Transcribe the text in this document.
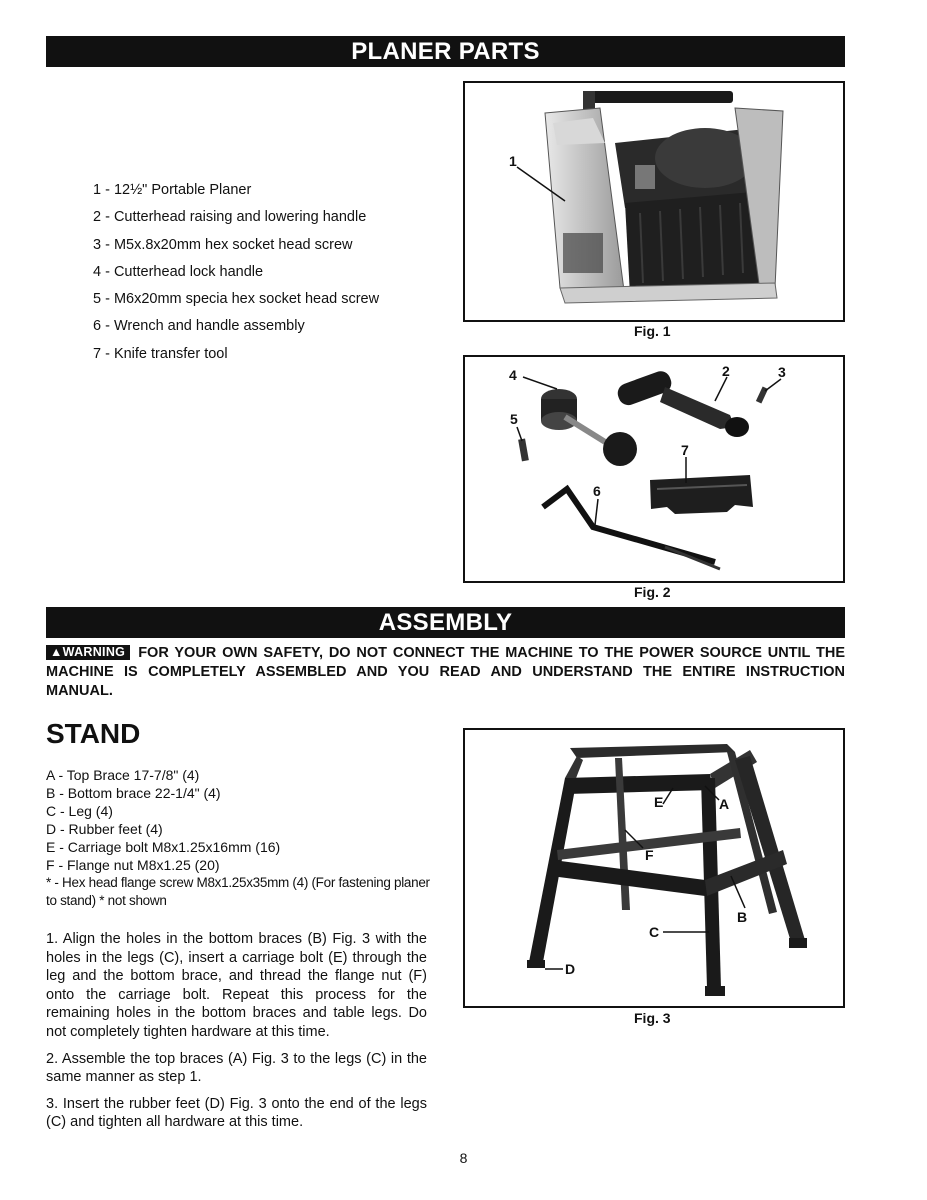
PLANER PARTS
1 - 12½" Portable Planer
2 - Cutterhead raising and lowering handle
3 - M5x.8x20mm hex socket head screw
4 - Cutterhead lock handle
5 - M6x20mm specia hex socket head screw
6 - Wrench and handle assembly
7 - Knife transfer tool
1
Fig. 1
4	2	3
5
7
6
Fig. 2
ASSEMBLY
▲WARNING FOR YOUR OWN SAFETY, DO NOT CONNECT THE MACHINE TO THE POWER SOURCE UNTIL THE MACHINE IS COMPLETELY ASSEMBLED AND YOU READ AND UNDERSTAND THE ENTIRE INSTRUCTION MANUAL.
STAND
A - Top Brace 17-7/8" (4)
B - Bottom brace 22-1/4" (4)
C - Leg (4)
D - Rubber feet (4)
E - Carriage bolt M8x1.25x16mm (16)
F - Flange nut M8x1.25 (20)
* - Hex head flange screw M8x1.25x35mm (4) (For fastening planer to stand) * not shown

1. Align the holes in the bottom braces (B) Fig. 3 with the holes in the legs (C), insert a carriage bolt (E) through the leg and the bottom brace, and thread the flange nut (F) onto the carriage bolt. Repeat this process for the remaining holes in the bottom braces and table legs. Do not completely tighten hardware at this time.

2. Assemble the top braces (A) Fig. 3 to the legs (C) in the same manner as step 1.

3. Insert the rubber feet (D) Fig. 3 onto the end of the legs (C) and tighten all hardware at this time.

E	A
F
B
C
D
Fig. 3
8
